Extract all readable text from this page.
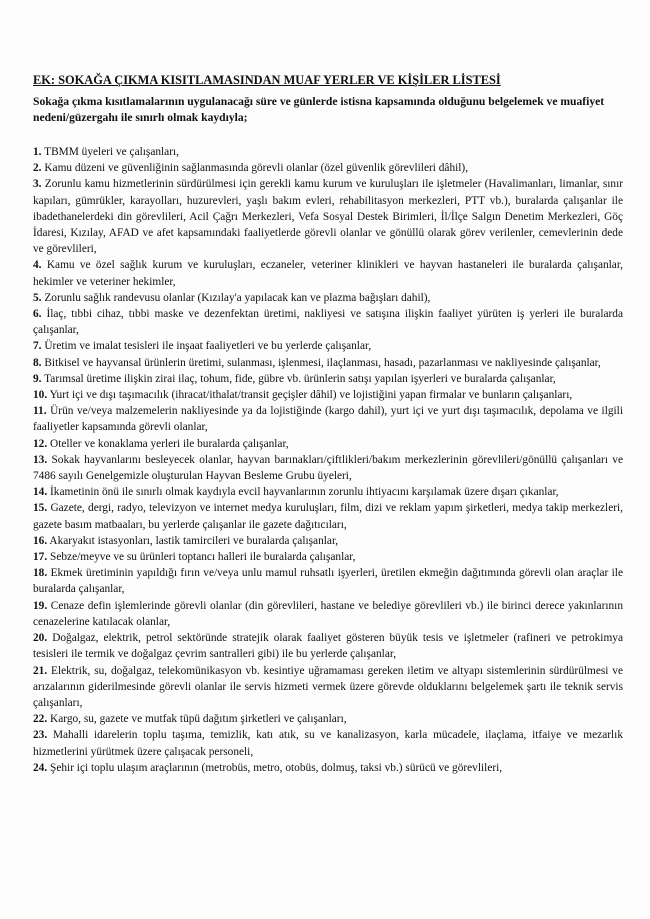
· · ·
EK: SOKAĞA ÇIKMA KISITLAMASINDAN MUAF YERLER VE KİŞİLER LİSTESİ
Sokağa çıkma kısıtlamalarının uygulanacağı süre ve günlerde istisna kapsamında olduğunu belgelemek ve muafiyet nedeni/güzergahı ile sınırlı olmak kaydıyla;
1. TBMM üyeleri ve çalışanları,
2. Kamu düzeni ve güvenliğinin sağlanmasında görevli olanlar (özel güvenlik görevlileri dâhil),
3. Zorunlu kamu hizmetlerinin sürdürülmesi için gerekli kamu kurum ve kuruluşları ile işletmeler (Havalimanları, limanlar, sınır kapıları, gümrükler, karayolları, huzurevleri, yaşlı bakım evleri, rehabilitasyon merkezleri, PTT vb.), buralarda çalışanlar ile ibadethanelerdeki din görevlileri, Acil Çağrı Merkezleri, Vefa Sosyal Destek Birimleri, İl/İlçe Salgın Denetim Merkezleri, Göç İdaresi, Kızılay, AFAD ve afet kapsamındaki faaliyetlerde görevli olanlar ve gönüllü olarak görev verilenler, cemevlerinin dede ve görevlileri,
4. Kamu ve özel sağlık kurum ve kuruluşları, eczaneler, veteriner klinikleri ve hayvan hastaneleri ile buralarda çalışanlar, hekimler ve veteriner hekimler,
5. Zorunlu sağlık randevusu olanlar (Kızılay'a yapılacak kan ve plazma bağışları dahil),
6. İlaç, tıbbi cihaz, tıbbi maske ve dezenfektan üretimi, nakliyesi ve satışına ilişkin faaliyet yürüten iş yerleri ile buralarda çalışanlar,
7. Üretim ve imalat tesisleri ile inşaat faaliyetleri ve bu yerlerde çalışanlar,
8. Bitkisel ve hayvansal ürünlerin üretimi, sulanması, işlenmesi, ilaçlanması, hasadı, pazarlanması ve nakliyesinde çalışanlar,
9. Tarımsal üretime ilişkin zirai ilaç, tohum, fide, gübre vb. ürünlerin satışı yapılan işyerleri ve buralarda çalışanlar,
10. Yurt içi ve dışı taşımacılık (ihracat/ithalat/transit geçişler dâhil) ve lojistiğini yapan firmalar ve bunların çalışanları,
11. Ürün ve/veya malzemelerin nakliyesinde ya da lojistiğinde (kargo dahil), yurt içi ve yurt dışı taşımacılık, depolama ve ilgili faaliyetler kapsamında görevli olanlar,
12. Oteller ve konaklama yerleri ile buralarda çalışanlar,
13. Sokak hayvanlarını besleyecek olanlar, hayvan barınakları/çiftlikleri/bakım merkezlerinin görevlileri/gönüllü çalışanları ve 7486 sayılı Genelgemizle oluşturulan Hayvan Besleme Grubu üyeleri,
14. İkametinin önü ile sınırlı olmak kaydıyla evcil hayvanlarının zorunlu ihtiyacını karşılamak üzere dışarı çıkanlar,
15. Gazete, dergi, radyo, televizyon ve internet medya kuruluşları, film, dizi ve reklam yapım şirketleri, medya takip merkezleri, gazete basım matbaaları, bu yerlerde çalışanlar ile gazete dağıtıcıları,
16. Akaryakıt istasyonları, lastik tamircileri ve buralarda çalışanlar,
17. Sebze/meyve ve su ürünleri toptancı halleri ile buralarda çalışanlar,
18. Ekmek üretiminin yapıldığı fırın ve/veya unlu mamul ruhsatlı işyerleri, üretilen ekmeğin dağıtımında görevli olan araçlar ile buralarda çalışanlar,
19. Cenaze defin işlemlerinde görevli olanlar (din görevlileri, hastane ve belediye görevlileri vb.) ile birinci derece yakınlarının cenazelerine katılacak olanlar,
20. Doğalgaz, elektrik, petrol sektöründe stratejik olarak faaliyet gösteren büyük tesis ve işletmeler (rafineri ve petrokimya tesisleri ile termik ve doğalgaz çevrim santralleri gibi) ile bu yerlerde çalışanlar,
21. Elektrik, su, doğalgaz, telekomünikasyon vb. kesintiye uğramaması gereken iletim ve altyapı sistemlerinin sürdürülmesi ve arızalarının giderilmesinde görevli olanlar ile servis hizmeti vermek üzere görevde olduklarını belgelemek şartı ile teknik servis çalışanları,
22. Kargo, su, gazete ve mutfak tüpü dağıtım şirketleri ve çalışanları,
23. Mahalli idarelerin toplu taşıma, temizlik, katı atık, su ve kanalizasyon, karla mücadele, ilaçlama, itfaiye ve mezarlık hizmetlerini yürütmek üzere çalışacak personeli,
24. Şehir içi toplu ulaşım araçlarının (metrobüs, metro, otobüs, dolmuş, taksi vb.) sürücü ve görevlileri,
